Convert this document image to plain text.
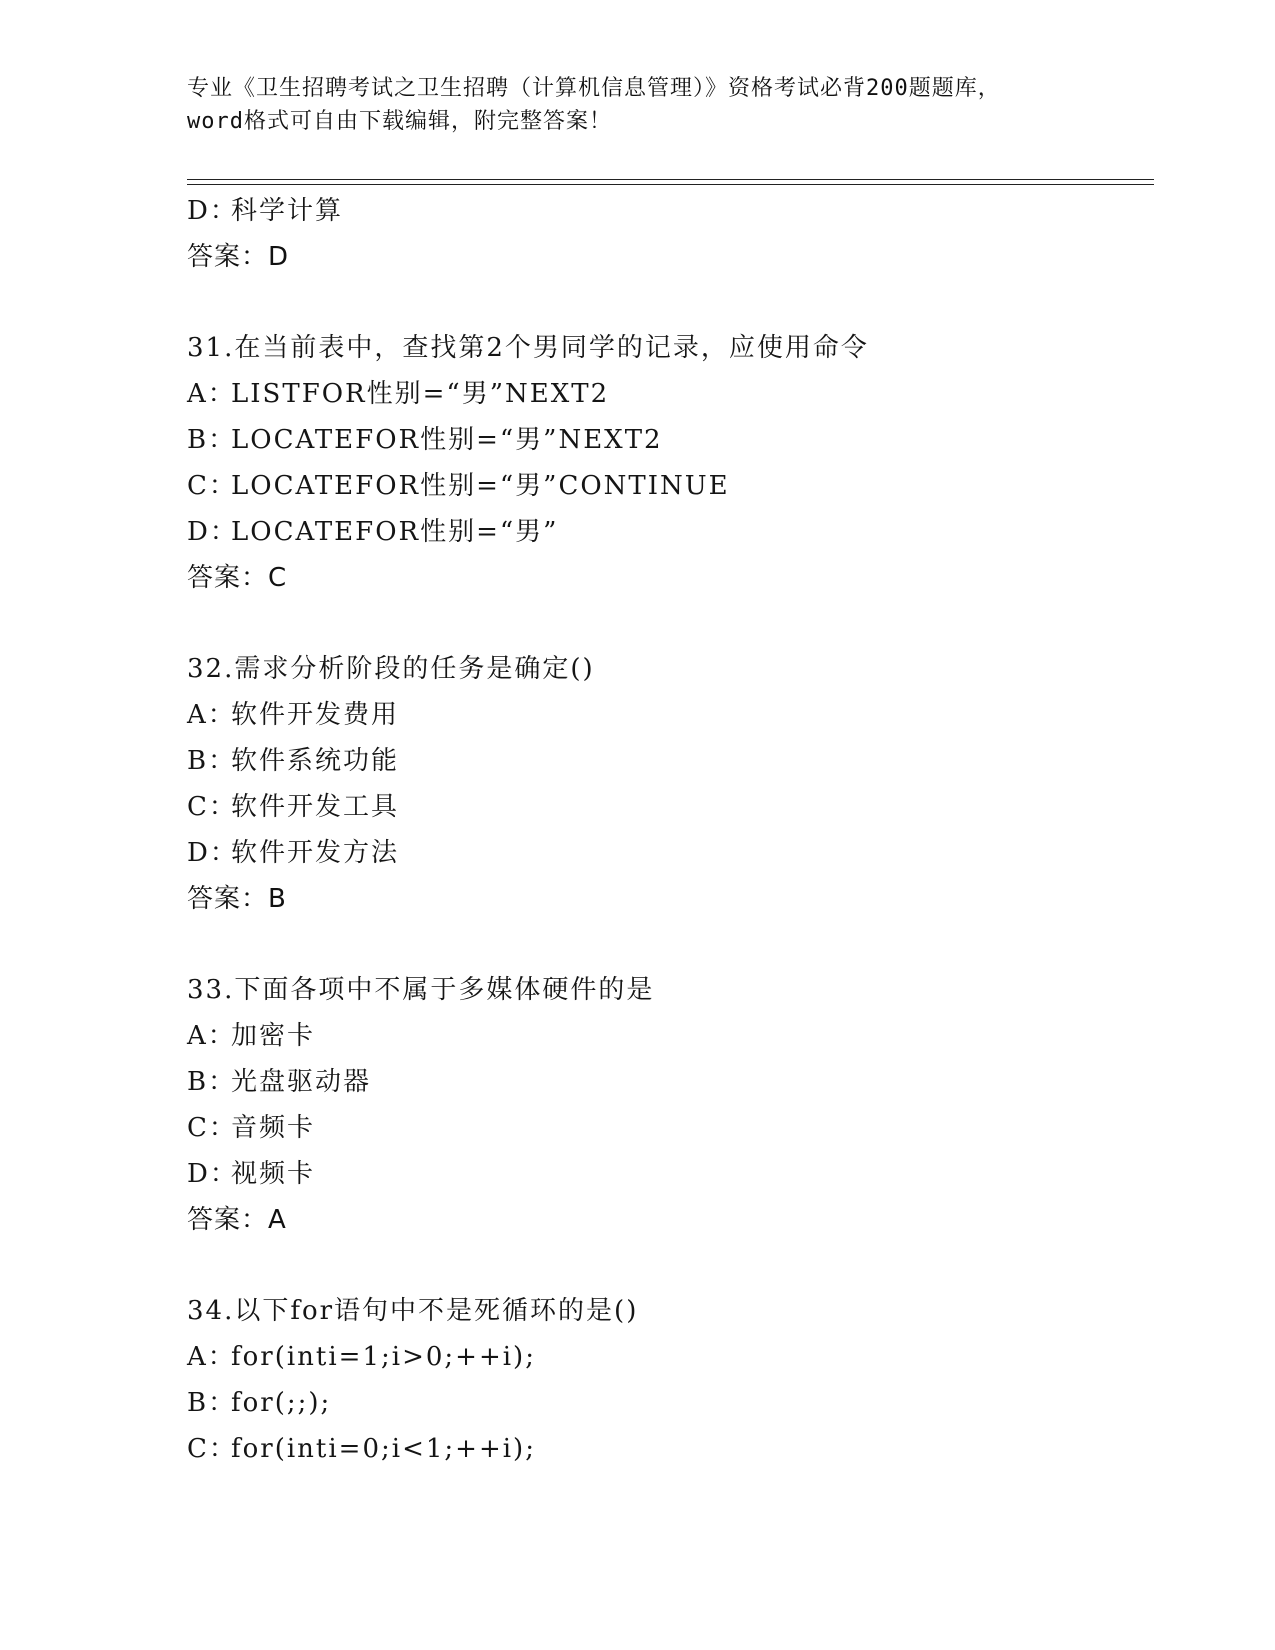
专业《卫生招聘考试之卫生招聘（计算机信息管理）》资格考试必背200题题库，
word格式可自由下载编辑，附完整答案！
D：科学计算
答案：D
31.在当前表中，查找第2个男同学的记录，应使用命令
A：LISTFOR性别=“男”NEXT2
B：LOCATEFOR性别=“男”NEXT2
C：LOCATEFOR性别=“男”CONTINUE
D：LOCATEFOR性别=“男”
答案：C
32.需求分析阶段的任务是确定()
A：软件开发费用
B：软件系统功能
C：软件开发工具
D：软件开发方法
答案：B
33.下面各项中不属于多媒体硬件的是
A：加密卡
B：光盘驱动器
C：音频卡
D：视频卡
答案：A
34.以下for语句中不是死循环的是()
A：for(inti=1;i>0;++i);
B：for(;;);
C：for(inti=0;i<1;++i);
